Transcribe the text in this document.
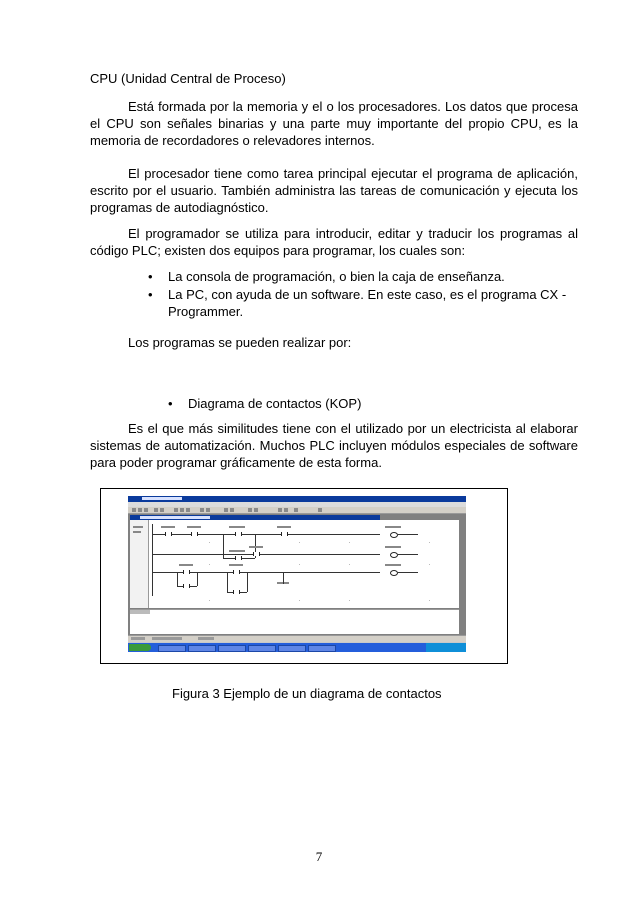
CPU (Unidad Central de Proceso)

Está formada por la memoria y el o los procesadores. Los datos que procesa el CPU son señales binarias y una parte muy importante del propio CPU, es la memoria de recordadores o relevadores internos.

El procesador tiene como tarea principal ejecutar el programa de aplicación, escrito por el usuario. También administra las tareas de comunicación y ejecuta los programas de autodiagnóstico.

El programador se utiliza para introducir, editar y traducir los programas al código PLC; existen dos equipos para programar, los cuales son:

• La consola de programación, o bien la caja de enseñanza.
• La PC, con ayuda de un software. En este caso, es el programa CX - Programmer.

Los programas se pueden realizar por:

• Diagrama de contactos (KOP)

Es el que más similitudes tiene con el utilizado por un electricista al elaborar sistemas de automatización. Muchos PLC incluyen módulos especiales de software para poder programar gráficamente de esta forma.

Figura 3 Ejemplo de un diagrama de contactos

7
